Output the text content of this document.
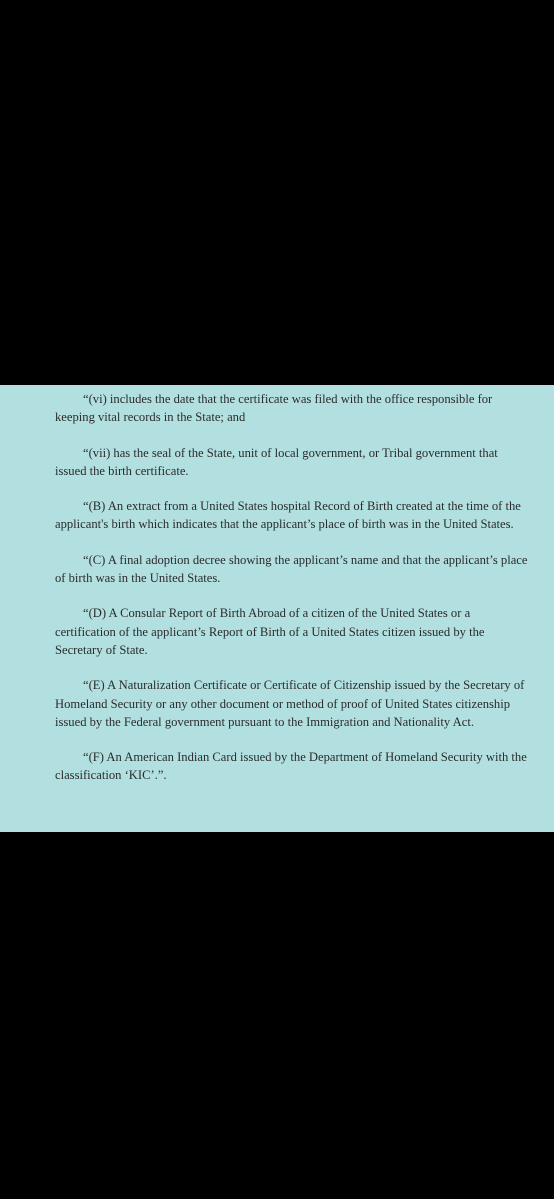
“(vi) includes the date that the certificate was filed with the office responsible for keeping vital records in the State; and

“(vii) has the seal of the State, unit of local government, or Tribal government that issued the birth certificate.

“(B) An extract from a United States hospital Record of Birth created at the time of the applicant's birth which indicates that the applicant’s place of birth was in the United States.

“(C) A final adoption decree showing the applicant’s name and that the applicant’s place of birth was in the United States.

“(D) A Consular Report of Birth Abroad of a citizen of the United States or a certification of the applicant’s Report of Birth of a United States citizen issued by the Secretary of State.

“(E) A Naturalization Certificate or Certificate of Citizenship issued by the Secretary of Homeland Security or any other document or method of proof of United States citizenship issued by the Federal government pursuant to the Immigration and Nationality Act.

“(F) An American Indian Card issued by the Department of Homeland Security with the classification ‘KIC’.”.
